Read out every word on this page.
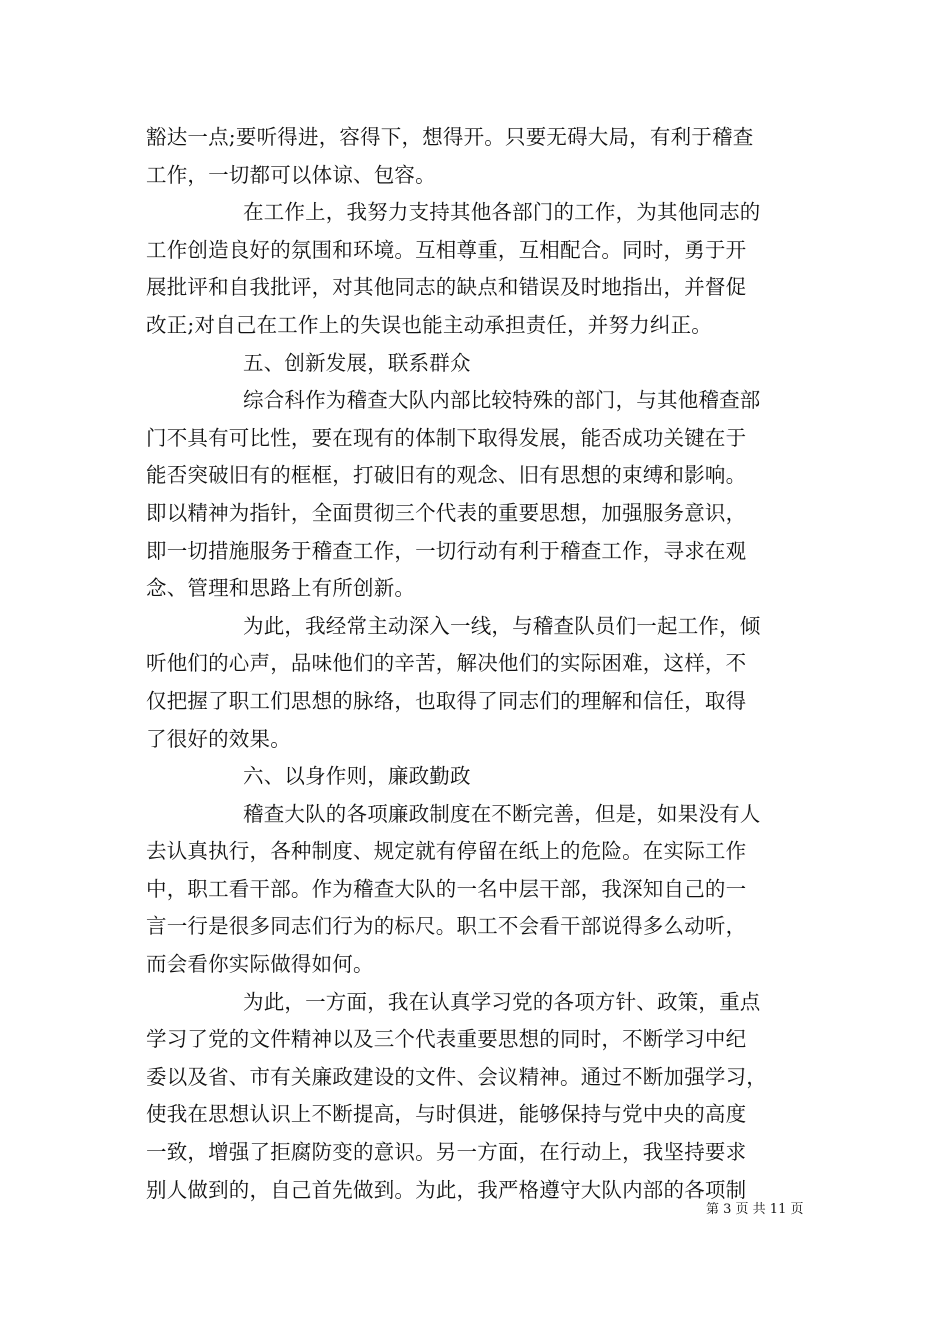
豁达一点;要听得进，容得下，想得开。只要无碍大局，有利于稽查
工作，一切都可以体谅、包容。
在工作上，我努力支持其他各部门的工作，为其他同志的
工作创造良好的氛围和环境。互相尊重，互相配合。同时，勇于开
展批评和自我批评，对其他同志的缺点和错误及时地指出，并督促
改正;对自己在工作上的失误也能主动承担责任，并努力纠正。
五、创新发展，联系群众
综合科作为稽查大队内部比较特殊的部门，与其他稽查部
门不具有可比性，要在现有的体制下取得发展，能否成功关键在于
能否突破旧有的框框，打破旧有的观念、旧有思想的束缚和影响。
即以精神为指针，全面贯彻三个代表的重要思想，加强服务意识，
即一切措施服务于稽查工作，一切行动有利于稽查工作，寻求在观
念、管理和思路上有所创新。
为此，我经常主动深入一线，与稽查队员们一起工作，倾
听他们的心声，品味他们的辛苦，解决他们的实际困难，这样，不
仅把握了职工们思想的脉络，也取得了同志们的理解和信任，取得
了很好的效果。
六、以身作则，廉政勤政
稽查大队的各项廉政制度在不断完善，但是，如果没有人
去认真执行，各种制度、规定就有停留在纸上的危险。在实际工作
中，职工看干部。作为稽查大队的一名中层干部，我深知自己的一
言一行是很多同志们行为的标尺。职工不会看干部说得多么动听，
而会看你实际做得如何。
为此，一方面，我在认真学习党的各项方针、政策，重点
学习了党的文件精神以及三个代表重要思想的同时，不断学习中纪
委以及省、市有关廉政建设的文件、会议精神。通过不断加强学习，
使我在思想认识上不断提高，与时俱进，能够保持与党中央的高度
一致，增强了拒腐防变的意识。另一方面，在行动上，我坚持要求
别人做到的，自己首先做到。为此，我严格遵守大队内部的各项制
第 3 页 共 11 页
